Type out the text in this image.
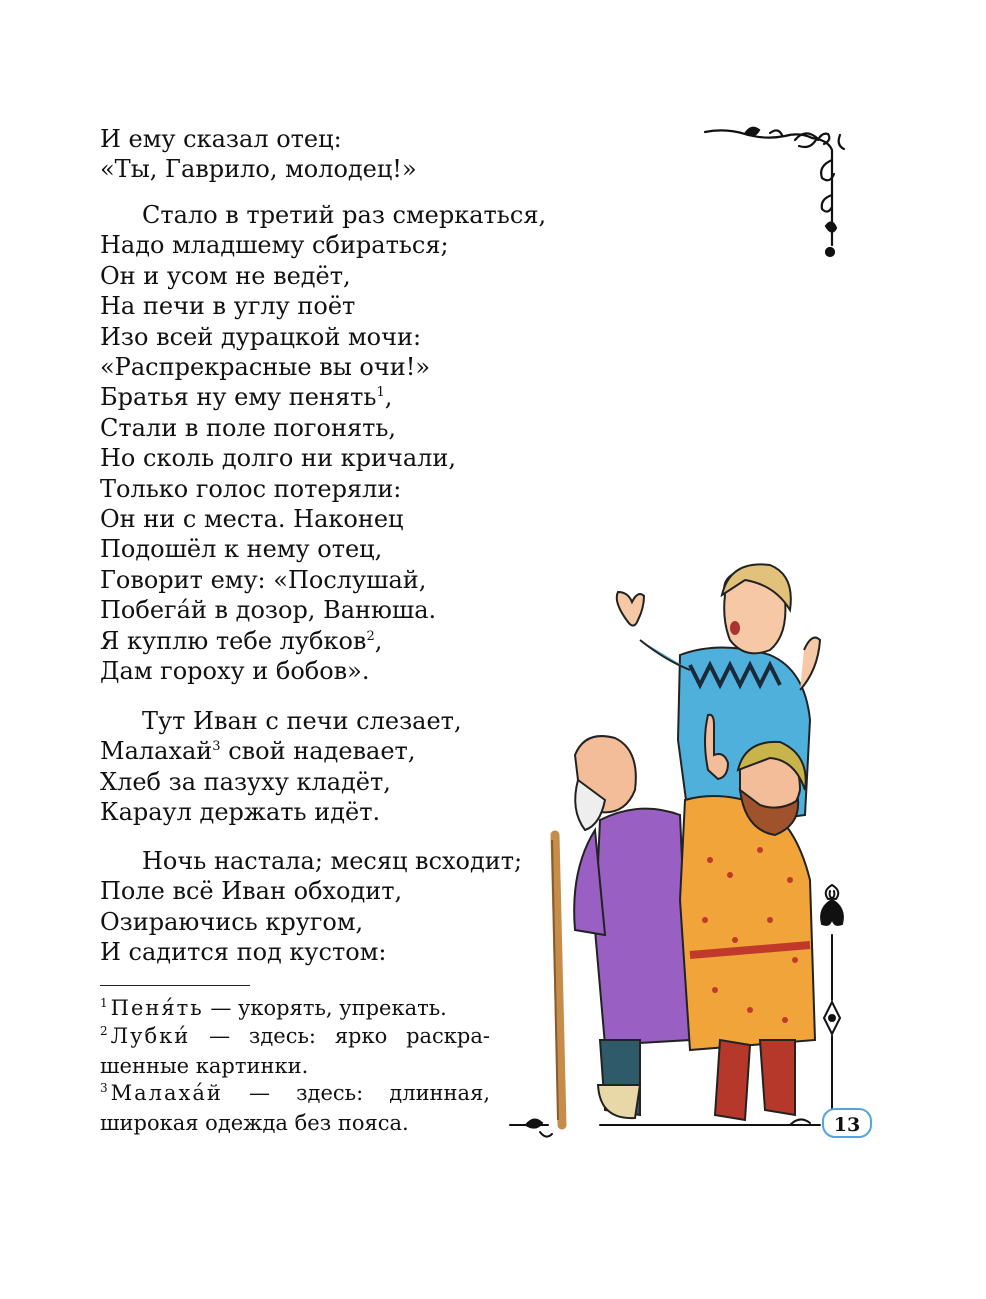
И ему сказал отец:
«Ты, Гаврило, молодец!»
Стало в третий раз смеркаться,
Надо младшему сбираться;
Он и усом не ведёт,
На печи в углу поёт
Изо всей дурацкой мочи:
«Распрекрасные вы очи!»
Братья ну ему пенять$^1$,
Стали в поле погонять,
Но сколь долго ни кричали,
Только голос потеряли:
Он ни с места. Наконец
Подошёл к нему отец,
Говорит ему: «Послушай,
Побегáй в дозор, Ванюша.
Я куплю тебе лубков$^2$,
Дам гороху и бобов».
Тут Иван с печи слезает,
Малахай$^3$ свой надевает,
Хлеб за пазуху кладёт,
Караул держать идёт.
Ночь настала; месяц всходит;
Поле всё Иван обходит,
Озираючись кругом,
И садится под кустом:
$^1$ Пеня́ть — укорять, упрекать.
$^2$ Лубки́ — здесь: ярко раскра-
шенные картинки.
$^3$ Малаха́й — здесь: длинная,
широкая одежда без пояса.	13
